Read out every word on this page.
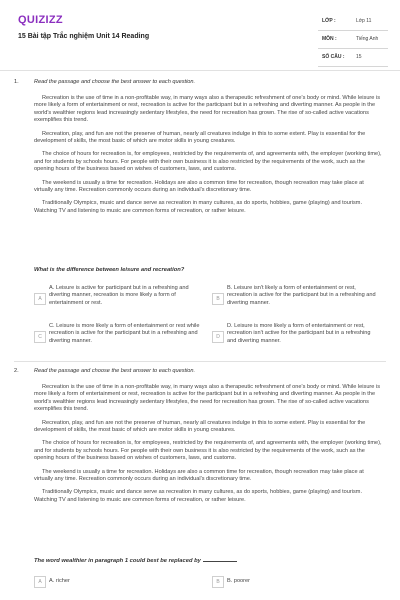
QUIZIZZ
15 Bài tập Trắc nghiệm Unit 14 Reading
LỚP :	Lớp 11
MÔN :	Tiếng Anh
SỐ CÂU : 15
1.	Read the passage and choose the best answer to each question.

Recreation is the use of time in a non-profitable way, in many ways also a therapeutic refreshment of one's body or mind. While leisure is more likely a form of entertainment or rest, recreation is active for the participant but in a refreshing and diverting manner. As people in the world's wealthier regions lead increasingly sedentary lifestyles, the need for recreation has grown. The rise of so-called active vacations exemplifies this trend.

Recreation, play, and fun are not the preserve of human, nearly all creatures indulge in this to some extent. Play is essential for the development of skills, the most basic of which are motor skills in young creatures.

The choice of hours for recreation is, for employees, restricted by the requirements of, and agreements with, the employer (working time), and for students by schools hours. For people with their own business it is also restricted by the requirements of the work, such as the opening hours of the business based on wishes of customers, laws, and customs.

The weekend is usually a time for recreation. Holidays are also a common time for recreation, though recreation may take place at virtually any time. Recreation commonly occurs during an individual's discretionary time.

Traditionally Olympics, music and dance serve as recreation in many cultures, as do sports, hobbies, game (playing) and tourism. Watching TV and listening to music are common forms of recreation, or rather leisure.

What is the difference between leisure and recreation?
A
A. Leisure is active for participant but in a refreshing and diverting manner, recreation is more likely a form of entertainment or rest.
B
B. Leisure isn't likely a form of entertainment or rest, recreation is active for the participant but in a refreshing and diverting manner.
C
C. Leisure is more likely a form of entertainment or rest while recreation is active for the participant but in a refreshing and diverting manner.
D
D. Leisure is more likely a form of entertainment or rest, recreation isn't active for the participant but in a refreshing and diverting manner.
2.	Read the passage and choose the best answer to each question.

Recreation is the use of time in a non-profitable way, in many ways also a therapeutic refreshment of one's body or mind. While leisure is more likely a form of entertainment or rest, recreation is active for the participant but in a refreshing and diverting manner. As people in the world's wealthier regions lead increasingly sedentary lifestyles, the need for recreation has grown. The rise of so-called active vacations exemplifies this trend.

Recreation, play, and fun are not the preserve of human, nearly all creatures indulge in this to some extent. Play is essential for the development of skills, the most basic of which are motor skills in young creatures.

The choice of hours for recreation is, for employees, restricted by the requirements of, and agreements with, the employer (working time), and for students by schools hours. For people with their own business it is also restricted by the requirements of the work, such as the opening hours of the business based on wishes of customers, laws, and customs.

The weekend is usually a time for recreation. Holidays are also a common time for recreation, though recreation may take place at virtually any time. Recreation commonly occurs during an individual's discretionary time.

Traditionally Olympics, music and dance serve as recreation in many cultures, as do sports, hobbies, game (playing) and tourism. Watching TV and listening to music are common forms of recreation, or rather leisure.

The word wealthier in paragraph 1 could best be replaced by
A	A. richer	B	B. poorer
